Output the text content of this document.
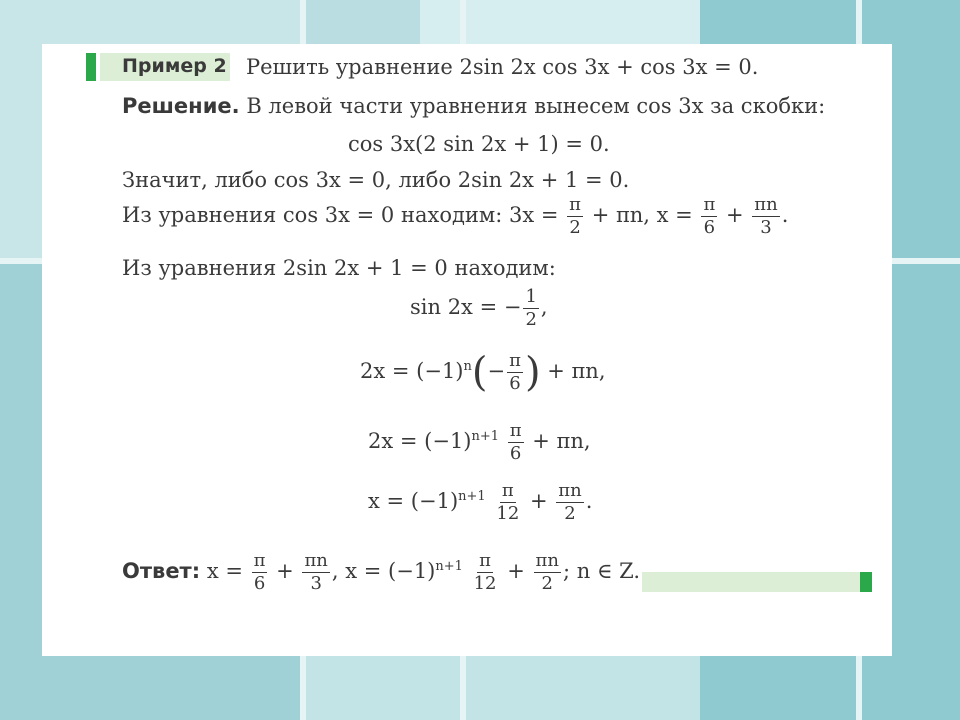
Пример 2 Решить уравнение 2sin 2x cos 3x + cos 3x = 0.
Решение. В левой части уравнения вынесем cos 3x за скобки:
cos 3x(2 sin 2x + 1) = 0.
Значит, либо cos 3x = 0, либо 2sin 2x + 1 = 0.
Из уравнения cos 3x = 0 находим: $3x = \frac{\pi}{2} + \pi n$, $x = \frac{\pi}{6} + \frac{\pi n}{3}$ .
Из уравнения 2sin 2x + 1 = 0 находим:
sin 2x = − $\frac{1}{2}$ ,
$2x = (-1)^n(- \frac{\pi}{6}$ ) + πn,
$2x = (-1)^{n+1} \frac{\pi}{6} + \pi n$,
$x = (-1)^{n+1} \frac{\pi}{12} + \frac{\pi n}{2}$ .
Ответ: $x = \frac{\pi}{6} + \frac{\pi n}{3}$ , $x = (-1)^{n+1} \frac{\pi}{12} + \frac{\pi n}{2}$ ; n ∈ Z.
